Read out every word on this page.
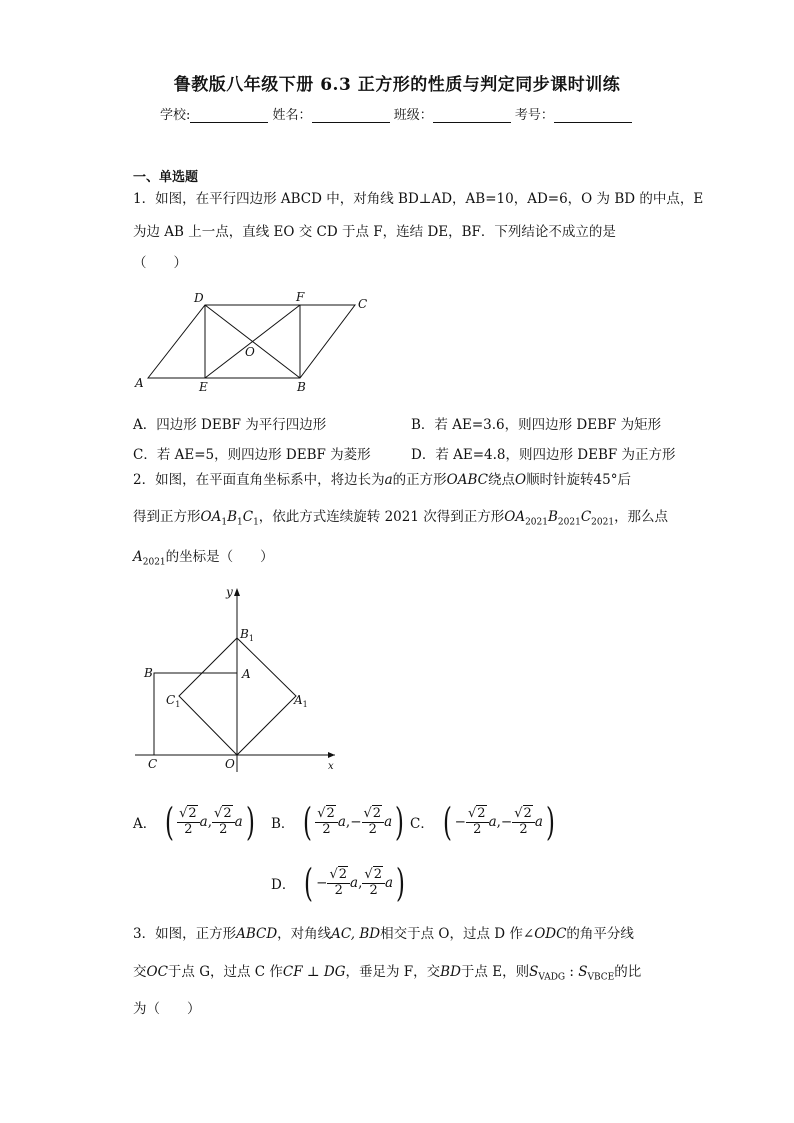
鲁教版八年级下册 6.3 正方形的性质与判定同步课时训练
学校:	姓名：	班级：	考号：
一、单选题
1．如图，在平行四边形 ABCD 中，对角线 BD⊥AD，AB=10，AD=6，O 为 BD 的中点，E
为边 AB 上一点，直线 EO 交 CD 于点 F，连结 DE，BF．下列结论不成立的是
（　　）
A
D	F	C
O
E	B
A．四边形 DEBF 为平行四边形	B．若 AE=3.6，则四边形 DEBF 为矩形
C．若 AE=5，则四边形 DEBF 为菱形	D．若 AE=4.8，则四边形 DEBF 为正方形
2．如图，在平面直角坐标系中，将边长为a的正方形OABC绕点O顺时针旋转45°后
得到正方形$OA_1B_1C_1$，依此方式连续旋转 2021 次得到正方形$OA_{2021}B_{2021}C_{2021}$，那么点
$A_{2021}$的坐标是（　　）
y
x
$B_1$
B	A
$C_1$	$A_1$
C	O
A． ( $\frac{√2}{2}$ a , $\frac{√2}{2}$ a ) B． ( $\frac{√2}{2}$ a , − $\frac{√2}{2}$ a ) C． ( − $\frac{√2}{2}$ a , − $\frac{√2}{2}$ a )
D． ( − $\frac{√2}{2}$ a , $\frac{√2}{2}$ a )
3．如图，正方形ABCD，对角线AC, BD相交于点 O，过点 D 作∠ODC的角平分线
交OC于点 G，过点 C 作CF ⊥ DG，垂足为 F，交BD于点 E，则$S_{VADG}$ : $S_{VBCE}$的比
为（　　）
